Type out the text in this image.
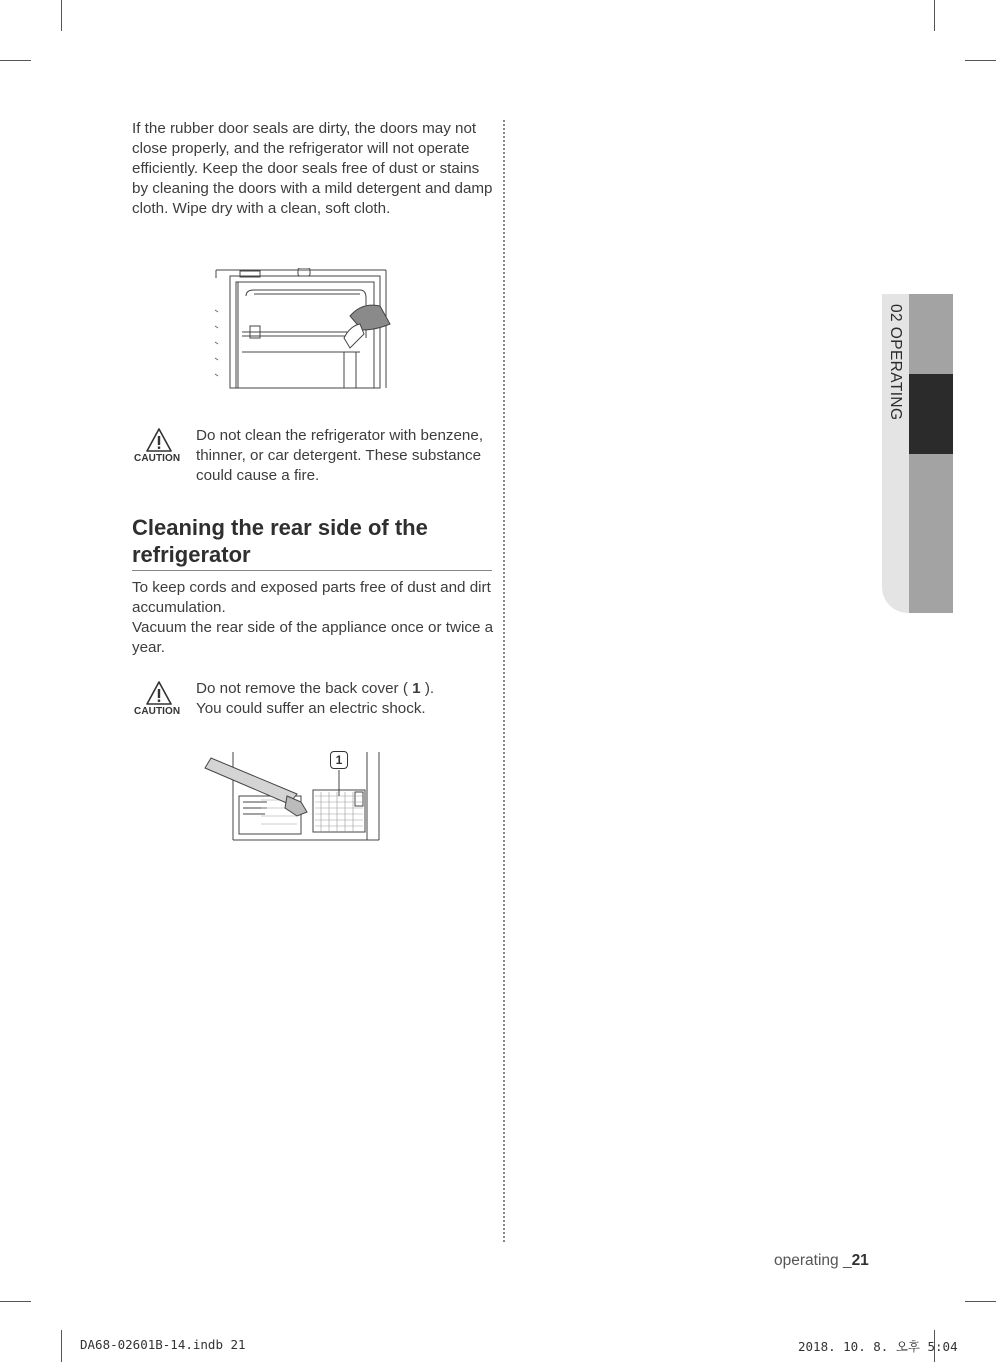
If the rubber door seals are dirty, the doors may not close properly, and the refrigerator will not operate efficiently. Keep the door seals free of dust or stains by cleaning the doors with a mild detergent and damp cloth. Wipe dry with a clean, soft cloth.

CAUTION

Do not clean the refrigerator with benzene, thinner, or car detergent. These substance could cause a fire.

Cleaning the rear side of the refrigerator

To keep cords and exposed parts free of dust and dirt accumulation.

Vacuum the rear side of the appliance once or twice a year.

CAUTION

Do not remove the back cover ( 1 ).
You could suffer an electric shock.

1
02 OPERATING
operating _21
DA68-02601B-14.indb 21	2018. 10. 8. 오후 5:04
